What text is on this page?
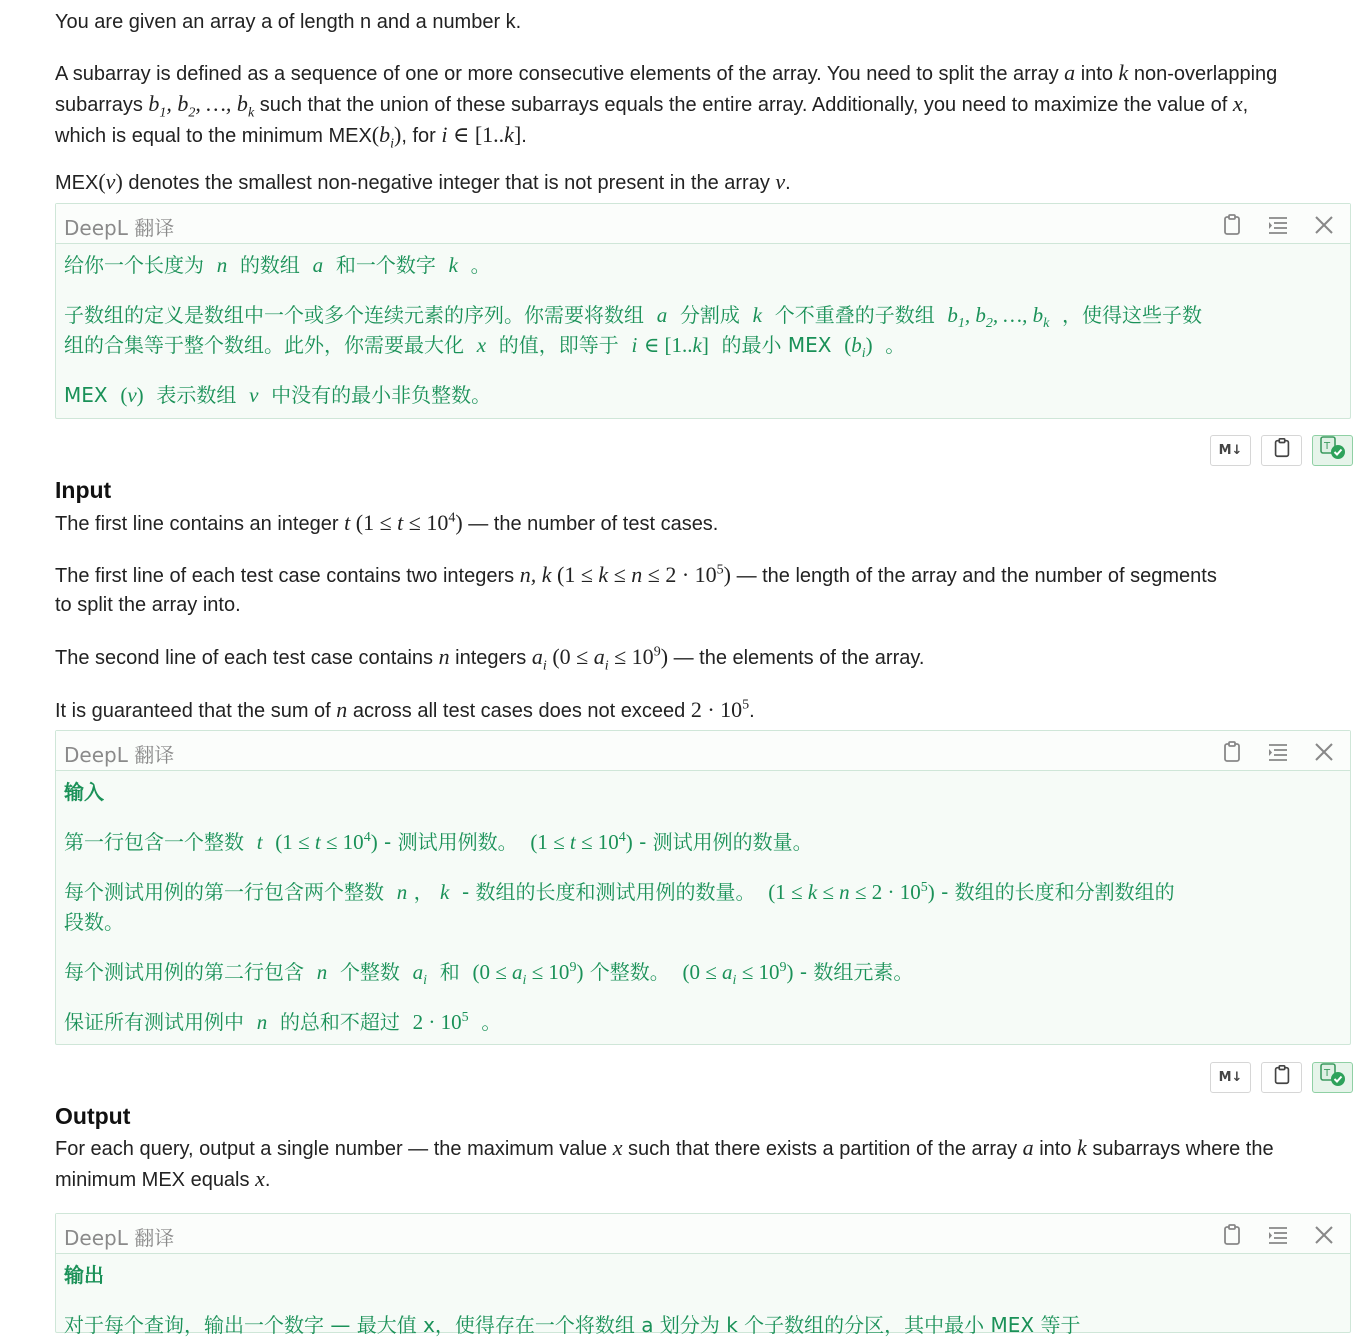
You are given an array a of length n and a number k.

A subarray is defined as a sequence of one or more consecutive elements of the array. You need to split the array a into k non-overlapping
subarrays $b_1$, $b_2$, …, $b_k$ such that the union of these subarrays equals the entire array. Additionally, you need to maximize the value of x,
which is equal to the minimum $MEX(b_i)$, for i ∈ [1..k].

MEX(v) denotes the smallest non-negative integer that is not present in the array v.

DeepL 翻译

给你一个长度为 n 的数组 a 和一个数字 k  。

子数组的定义是数组中一个或多个连续元素的序列。你需要将数组 a 分割成 k 个不重叠的子数组 $b_1$, $b_2$, …, $b_k$ ，使得这些子数

组的合集等于整个数组。此外，你需要最大化 x 的值，即等于 i ∈ [1..k] 的最小 MEX $(b_i)$  。

MEX (v) 表示数组 v 中没有的最小非负整数。

M↓	T
Input

The first line contains an integer t $(1 \le t \le 10^4)$ — the number of test cases.

The first line of each test case contains two integers n, k $(1 \le k \le n \le 2 \cdot 10^5)$ — the length of the array and the number of segments
to split the array into.

The second line of each test case contains n integers $a_i$ $(0 \le a_i \le 10^9)$ — the elements of the array.

It is guaranteed that the sum of n across all test cases does not exceed $2 \cdot 10^5$.

DeepL 翻译

输入

第一行包含一个整数 t $(1 \le t \le 10^4)$ - 测试用例数。 $(1 \le t \le 10^4)$ - 测试用例的数量。

每个测试用例的第一行包含两个整数 n ， k - 数组的长度和测试用例的数量。 $(1 \le k \le n \le 2 \cdot 10^5)$ - 数组的长度和分割数组的

段数。

每个测试用例的第二行包含 n 个整数 $a_i$ 和 $(0 \le a_i \le 10^9)$ 个整数。 $(0 \le a_i \le 10^9)$ - 数组元素。

保证所有测试用例中 n 的总和不超过 $2 \cdot 10^5$  。

M↓	T
Output

For each query, output a single number — the maximum value x such that there exists a partition of the array a into k subarrays where the
minimum MEX equals x.

DeepL 翻译

输出

对于每个查询，输出一个数字 — 最大值 x，使得存在一个将数组 a 划分为 k 个子数组的分区，其中最小 MEX 等于
